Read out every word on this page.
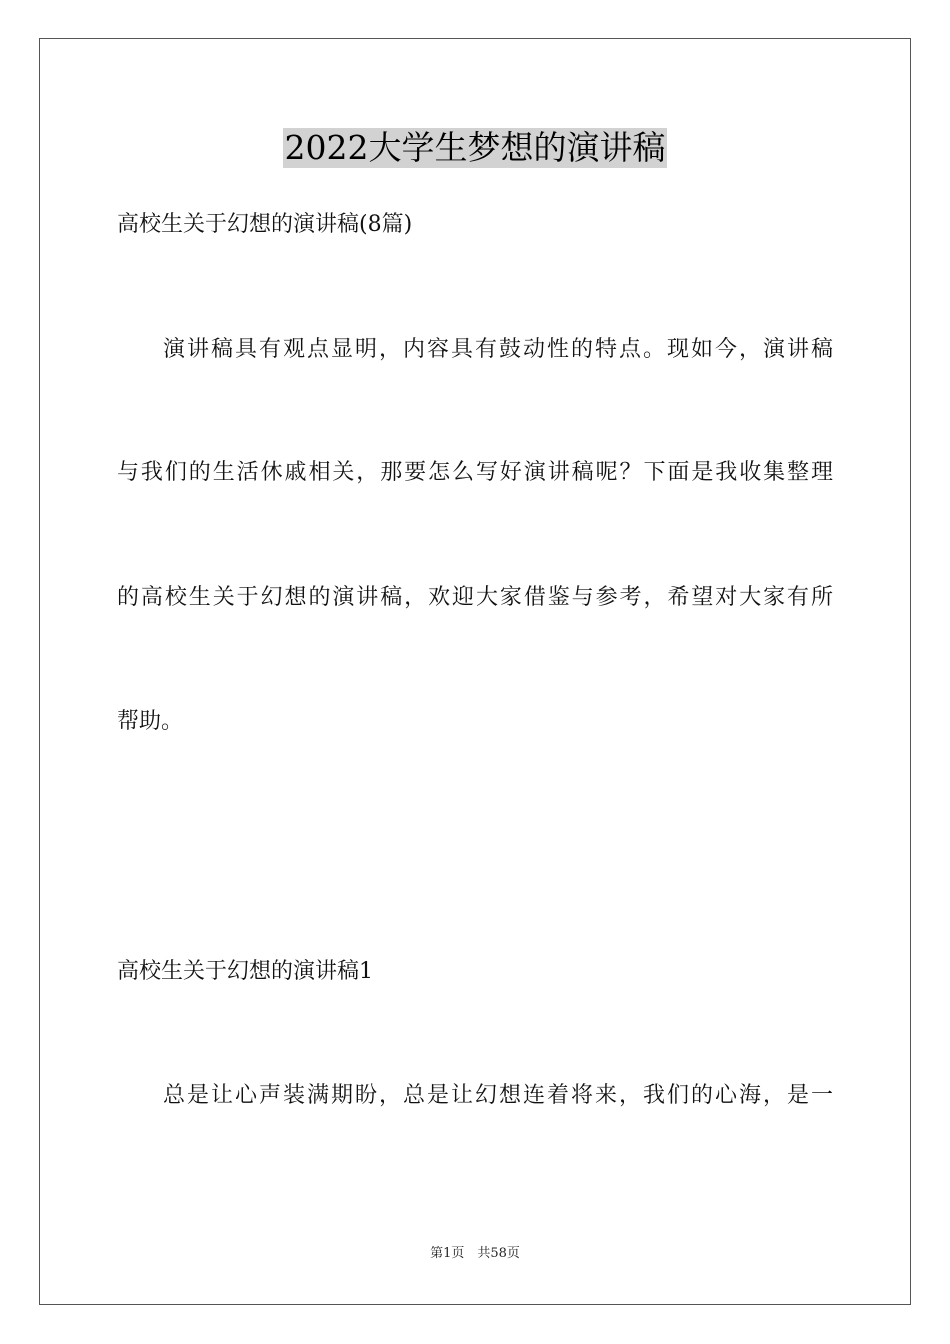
2022大学生梦想的演讲稿
高校生关于幻想的演讲稿(8篇)
演讲稿具有观点显明，内容具有鼓动性的特点。现如今，演讲稿
与我们的生活休戚相关，那要怎么写好演讲稿呢？下面是我收集整理
的高校生关于幻想的演讲稿，欢迎大家借鉴与参考，希望对大家有所
帮助。
高校生关于幻想的演讲稿1
总是让心声装满期盼，总是让幻想连着将来，我们的心海，是一
第1页　共58页
